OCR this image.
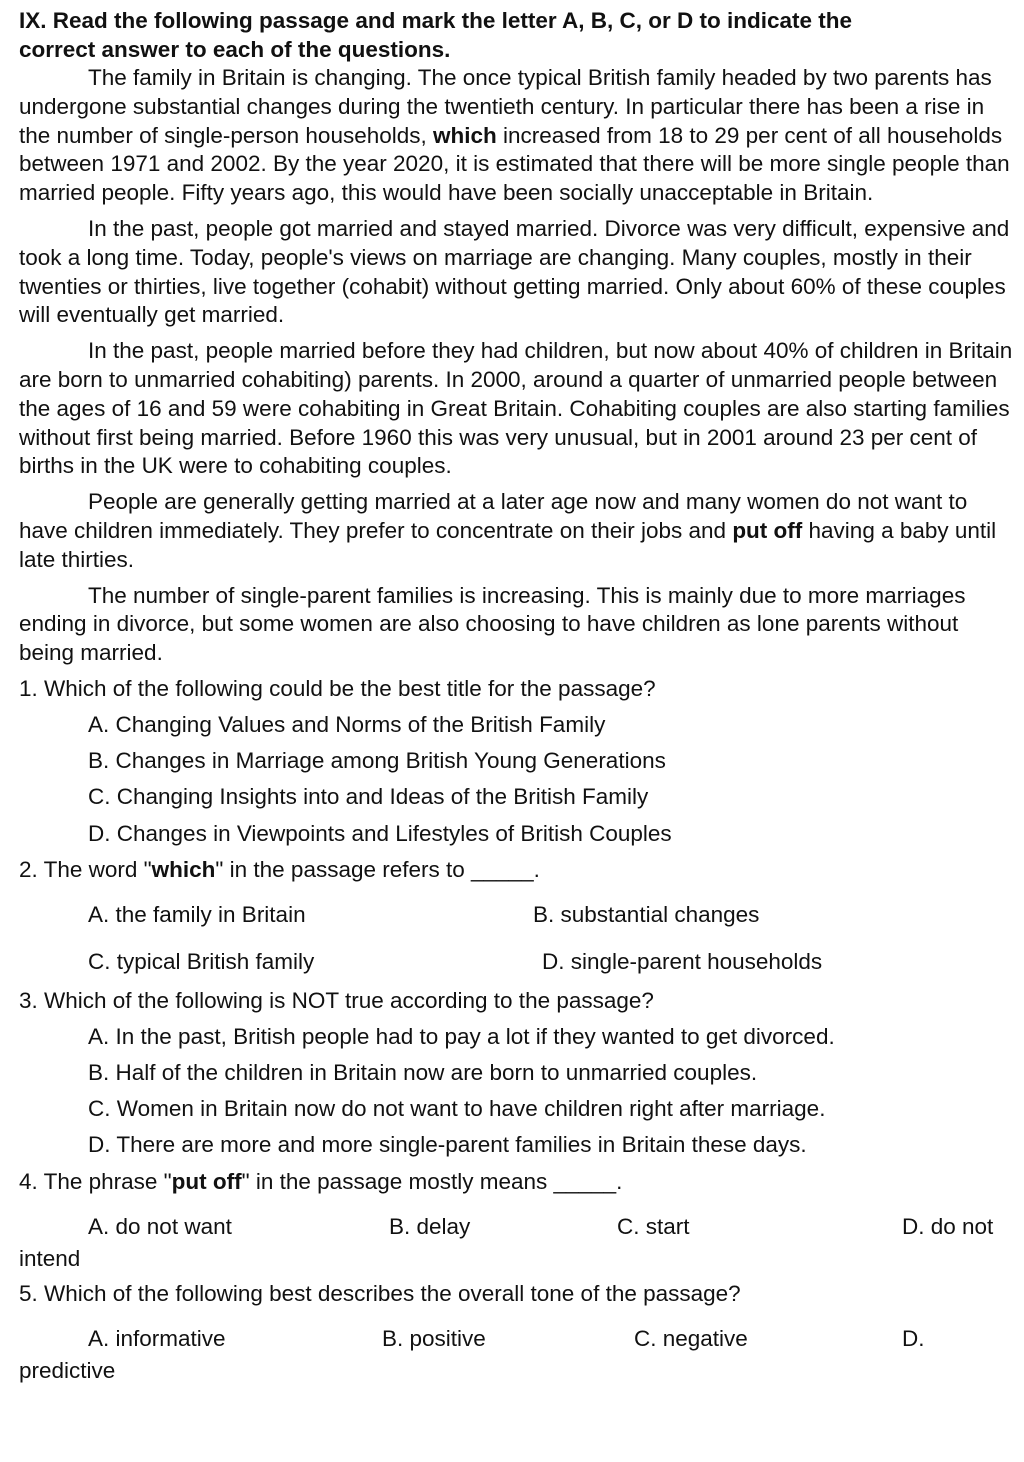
IX. Read the following passage and mark the letter A, B, C, or D to indicate the
correct answer to each of the questions.

The family in Britain is changing. The once typical British family headed by two parents has undergone substantial changes during the twentieth century. In particular there has been a rise in the number of single-person households, which increased from 18 to 29 per cent of all households between 1971 and 2002. By the year 2020, it is estimated that there will be more single people than married people. Fifty years ago, this would have been socially unacceptable in Britain.

In the past, people got married and stayed married. Divorce was very difficult, expensive and took a long time. Today, people's views on marriage are changing. Many couples, mostly in their twenties or thirties, live together (cohabit) without getting married. Only about 60% of these couples will eventually get married.

In the past, people married before they had children, but now about 40% of children in Britain are born to unmarried cohabiting) parents. In 2000, around a quarter of unmarried people between the ages of 16 and 59 were cohabiting in Great Britain. Cohabiting couples are also starting families without first being married. Before 1960 this was very unusual, but in 2001 around 23 per cent of births in the UK were to cohabiting couples.

People are generally getting married at a later age now and many women do not want to have children immediately. They prefer to concentrate on their jobs and put off having a baby until late thirties.

The number of single-parent families is increasing. This is mainly due to more marriages ending in divorce, but some women are also choosing to have children as lone parents without being married.

1. Which of the following could be the best title for the passage?
A. Changing Values and Norms of the British Family
B. Changes in Marriage among British Young Generations
C. Changing Insights into and Ideas of the British Family
D. Changes in Viewpoints and Lifestyles of British Couples
2. The word "which" in the passage refers to _____.
A. the family in Britain	B. substantial changes
C. typical British family	D. single-parent households
3. Which of the following is NOT true according to the passage?
A. In the past, British people had to pay a lot if they wanted to get divorced.
B. Half of the children in Britain now are born to unmarried couples.
C. Women in Britain now do not want to have children right after marriage.
D. There are more and more single-parent families in Britain these days.
4. The phrase "put off" in the passage mostly means _____.
A. do not want	B. delay	C. start	D. do not
intend
5. Which of the following best describes the overall tone of the passage?
A. informative	B. positive	C. negative	D.
predictive
